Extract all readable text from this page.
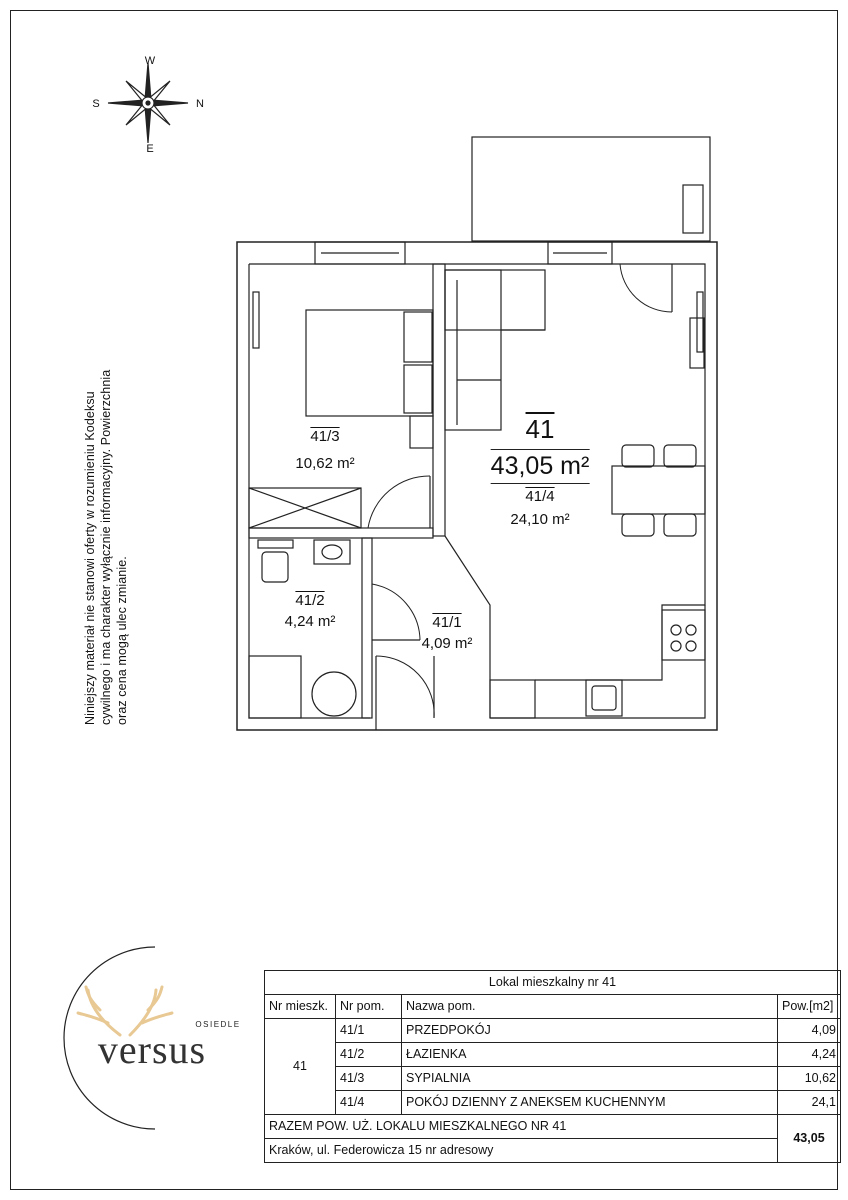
W
E
S	N
41/3
10,62 m²
41/2
4,24 m²	41/1
4,09 m²
41
43,05 m²
41/4
24,10 m²
Niniejszy materiał nie stanowi oferty w rozumieniu Kodeksu cywilnego i ma charakter wyłącznie informacyjny. Powierzchnia oraz cena mogą ulec zmianie.
OSIEDLE
versus
Lokal mieszkalny nr 41			
Nr mieszk.	Nr pom.	Nazwa pom.	Pow.[m2]
41	41/1	PRZEDPOKÓJ	4,09
	41/2	ŁAZIENKA	4,24
	41/3	SYPIALNIA	10,62
	41/4	POKÓJ DZIENNY Z ANEKSEM KUCHENNYM	24,1
RAZEM POW. UŻ. LOKALU MIESZKALNEGO NR 41			43,05
Kraków, ul. Federowicza 15 nr adresowy			
